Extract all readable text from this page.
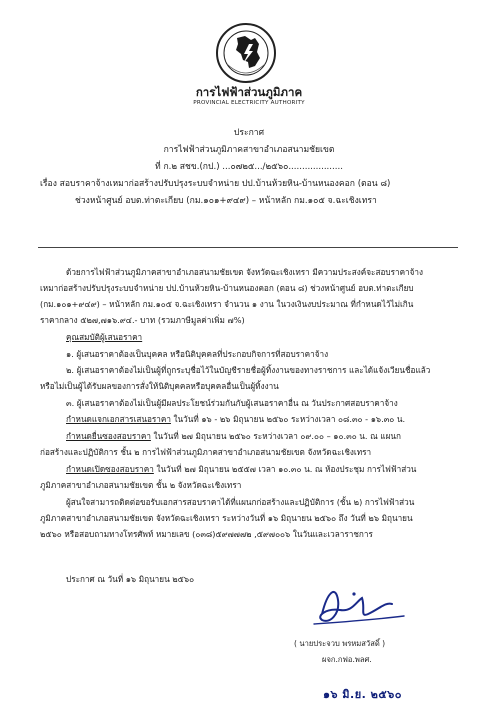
การไฟฟ้าส่วนภูมิภาค
PROVINCIAL ELECTRICITY AUTHORITY
ประกาศ
การไฟฟ้าส่วนภูมิภาคสาขาอำเภอสนามชัยเขต
ที่ ก.๒ สชข.(กป.) ...๐๗๒๕.../๒๕๖๐....................
เรื่อง สอบราคาจ้างเหมาก่อสร้างปรับปรุงระบบจำหน่าย ปป.บ้านห้วยหิน-บ้านหนองคอก (ตอน ๘)
ช่วงหน้าศูนย์ อบต.ท่าตะเกียบ (กม.๑๐๑+๙๔๙) – หน้าหลัก กม.๑๐๕ จ.ฉะเชิงเทรา
ด้วยการไฟฟ้าส่วนภูมิภาคสาขาอำเภอสนามชัยเขต จังหวัดฉะเชิงเทรา มีความประสงค์จะสอบราคาจ้าง
เหมาก่อสร้างปรับปรุงระบบจำหน่าย ปป.บ้านห้วยหิน-บ้านหนองคอก (ตอน ๘) ช่วงหน้าศูนย์ อบต.ท่าตะเกียบ
(กม.๑๐๑+๙๔๙) – หน้าหลัก กม.๑๐๕ จ.ฉะเชิงเทรา จำนวน ๑ งาน ในวงเงินงบประมาณ ที่กำหนดไว้ไม่เกิน
ราคากลาง ๕๒๗,๗๑๖.๙๔.- บาท (รวมภาษีมูลค่าเพิ่ม ๗%)
คุณสมบัติผู้เสนอราคา
๑. ผู้เสนอราคาต้องเป็นบุคคล หรือนิติบุคคลที่ประกอบกิจการที่สอบราคาจ้าง
๒. ผู้เสนอราคาต้องไม่เป็นผู้ที่ถูกระบุชื่อไว้ในบัญชีรายชื่อผู้ทิ้งงานของทางราชการ และได้แจ้งเวียนชื่อแล้ว
หรือไม่เป็นผู้ได้รับผลของการสั่งให้นิติบุคคลหรือบุคคลอื่นเป็นผู้ทิ้งงาน
๓. ผู้เสนอราคาต้องไม่เป็นผู้มีผลประโยชน์ร่วมกันกับผู้เสนอราคาอื่น ณ วันประกาศสอบราคาจ้าง
กำหนดแจกเอกสารเสนอราคา ในวันที่ ๑๖ - ๒๖ มิถุนายน ๒๕๖๐ ระหว่างเวลา ๐๘.๓๐ - ๑๖.๓๐ น.
กำหนดยื่นซองสอบราคา ในวันที่ ๒๗ มิถุนายน ๒๕๖๐ ระหว่างเวลา ๐๙.๐๐ – ๑๐.๓๐ น. ณ แผนก
ก่อสร้างและปฏิบัติการ ชั้น ๒ การไฟฟ้าส่วนภูมิภาคสาขาอำเภอสนามชัยเขต จังหวัดฉะเชิงเทรา
กำหนดเปิดซองสอบราคา ในวันที่ ๒๗ มิถุนายน ๒๕๕๗ เวลา ๑๐.๓๐ น. ณ ห้องประชุม การไฟฟ้าส่วน
ภูมิภาคสาขาอำเภอสนามชัยเขต ชั้น ๒ จังหวัดฉะเชิงเทรา
ผู้สนใจสามารถติดต่อขอรับเอกสารสอบราคาได้ที่แผนกก่อสร้างและปฏิบัติการ (ชั้น ๒) การไฟฟ้าส่วน
ภูมิภาคสาขาอำเภอสนามชัยเขต จังหวัดฉะเชิงเทรา ระหว่างวันที่ ๑๖ มิถุนายน ๒๕๖๐ ถึง วันที่ ๒๖ มิถุนายน
๒๕๖๐ หรือสอบถามทางโทรศัพท์ หมายเลข (๐๓๘)๕๙๗๗๗๒ ,๕๙๗๐๐๖ ในวันและเวลาราชการ
ประกาศ ณ วันที่ ๑๖ มิถุนายน ๒๕๖๐
( นายประจวบ พรหมสวัสดิ์ )
ผจก.กฟอ.พลศ.
๑๖ มิ.ย. ๒๕๖๐
